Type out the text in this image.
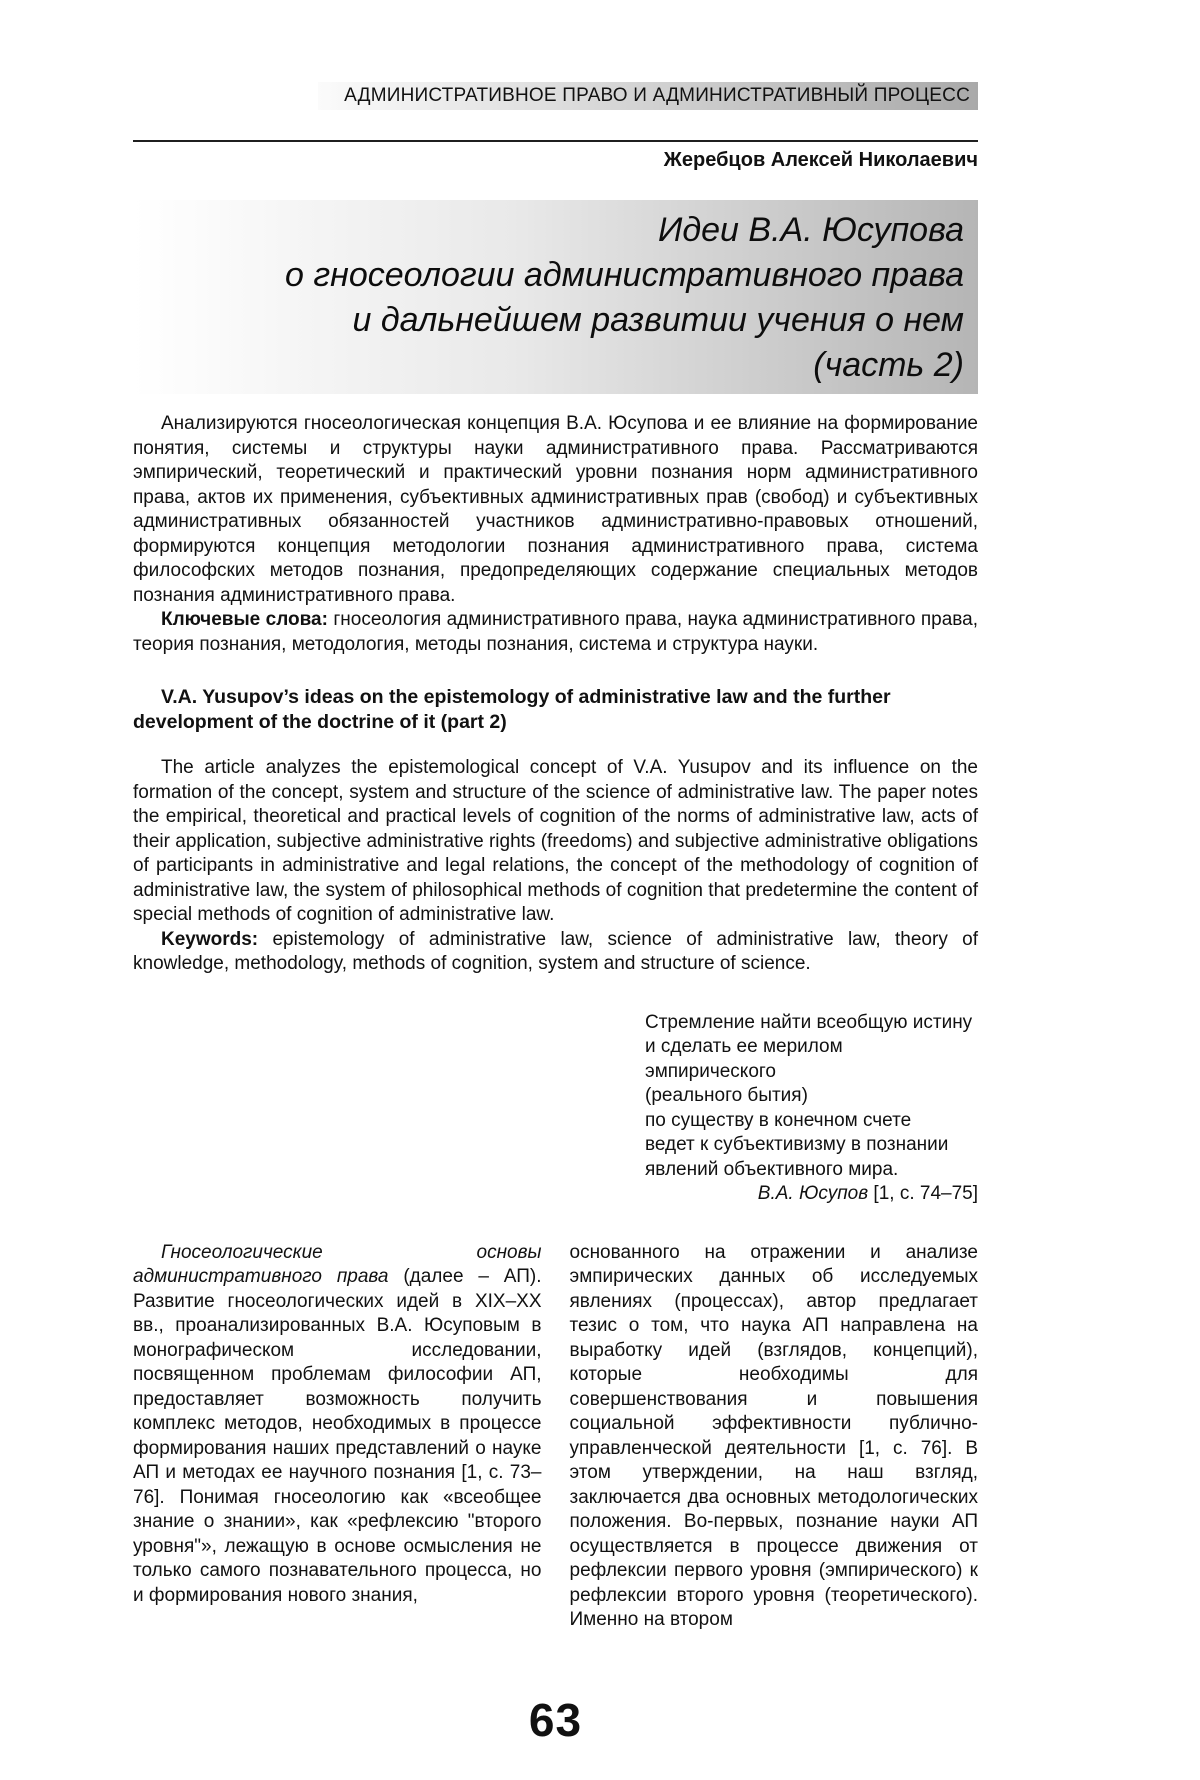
АДМИНИСТРАТИВНОЕ ПРАВО И АДМИНИСТРАТИВНЫЙ ПРОЦЕСС
Жеребцов Алексей Николаевич
Идеи В.А. Юсупова
о гносеологии административного права
и дальнейшем развитии учения о нем
(часть 2)

Анализируются гносеологическая концепция В.А. Юсупова и ее влияние на формирование понятия, системы и структуры науки административного права. Рассматриваются эмпирический, теоретический и практический уровни познания норм административного права, актов их применения, субъективных административных прав (свобод) и субъективных административных обязанностей участников административно-правовых отношений, формируются концепция методологии познания административного права, система философских методов познания, предопределяющих содержание специальных методов познания административного права.

Ключевые слова: гносеология административного права, наука административного права, теория познания, методология, методы познания, система и структура науки.

V.A. Yusupov’s ideas on the epistemology of administrative law and the further development of the doctrine of it (part 2)

The article analyzes the epistemological concept of V.A. Yusupov and its influence on the formation of the concept, system and structure of the science of administrative law. The paper notes the empirical, theoretical and practical levels of cognition of the norms of administrative law, acts of their application, subjective administrative rights (freedoms) and subjective administrative obligations of participants in administrative and legal relations, the concept of the methodology of cognition of administrative law, the system of philosophical methods of cognition that predetermine the content of special methods of cognition of administrative law.

Keywords: epistemology of administrative law, science of administrative law, theory of knowledge, methodology, methods of cognition, system and structure of science.

Стремление найти всеобщую истину
и сделать ее мерилом эмпирического
(реального бытия)
по существу в конечном счете
ведет к субъективизму в познании
явлений объективного мира.
В.А. Юсупов [1, с. 74–75]

Гносеологические основы административного права (далее – АП). Развитие гносеологических идей в XIX–XX вв., проанализированных В.А. Юсуповым в монографическом исследовании, посвященном проблемам философии АП, предоставляет возможность получить комплекс методов, необходимых в процессе формирования наших представлений о науке АП и методах ее научного познания [1, с. 73–76]. Понимая гносеологию как «всеобщее знание о знании», как «рефлексию "второго уровня"», лежащую в основе осмысления не только самого познавательного процесса, но и формирования нового знания,

основанного на отражении и анализе эмпирических данных об исследуемых явлениях (процессах), автор предлагает тезис о том, что наука АП направлена на выработку идей (взглядов, концепций), которые необходимы для совершенствования и повышения социальной эффективности публично-управленческой деятельности [1, с. 76]. В этом утверждении, на наш взгляд, заключается два основных методологических положения. Во-первых, познание науки АП осуществляется в процессе движения от рефлексии первого уровня (эмпирического) к рефлексии второго уровня (теоретического). Именно на втором

63
